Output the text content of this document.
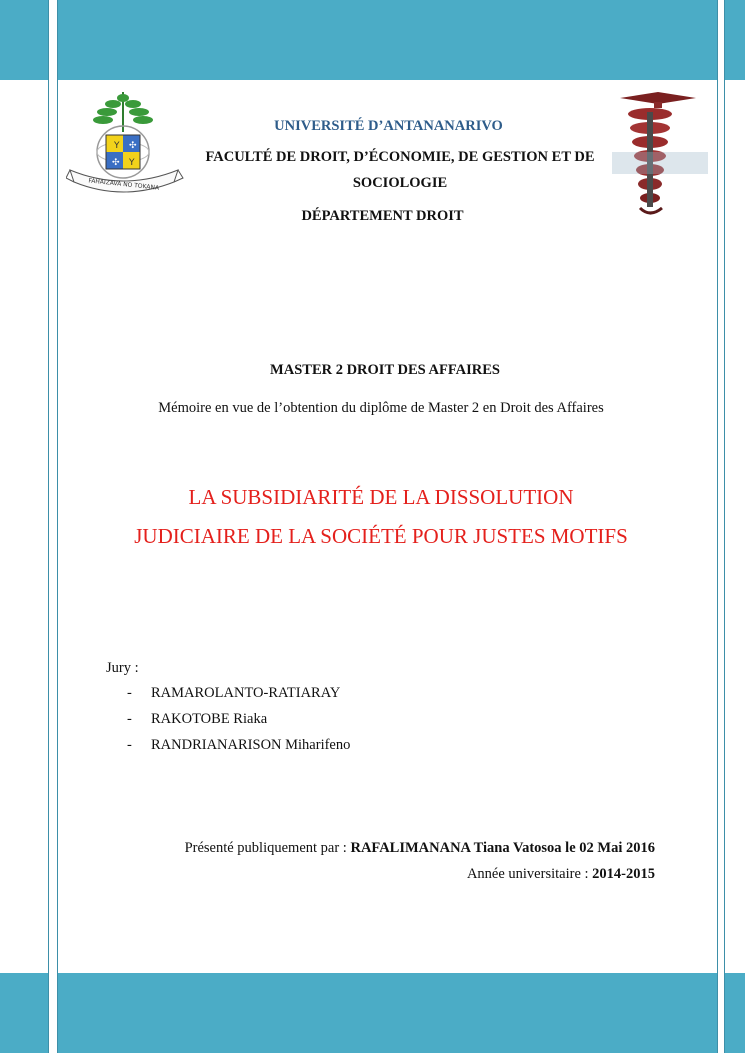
Y ✣
✣ Y
FAHAIZAVA NO TOKANA
UNIVERSITÉ D’ANTANANARIVO
FACULTÉ DE DROIT, D’ÉCONOMIE, DE GESTION ET DE SOCIOLOGIE
DÉPARTEMENT DROIT
MASTER 2 DROIT DES AFFAIRES
Mémoire en vue de l’obtention du diplôme de Master 2 en Droit des Affaires
LA SUBSIDIARITÉ DE LA DISSOLUTION
JUDICIAIRE DE LA SOCIÉTÉ POUR JUSTES MOTIFS
Jury :
- RAMAROLANTO-RATIARAY
- RAKOTOBE Riaka
- RANDRIANARISON Miharifeno
Présenté publiquement par : RAFALIMANANA Tiana Vatosoa le 02 Mai 2016
Année universitaire : 2014-2015
